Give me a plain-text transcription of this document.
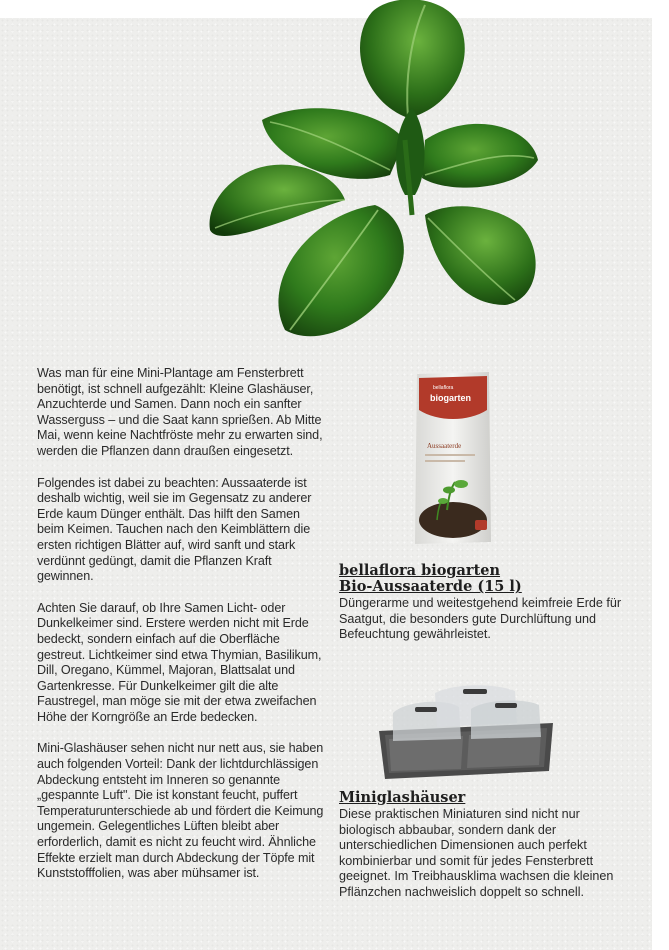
Was man für eine Mini-Plantage am Fensterbrett benötigt, ist schnell aufgezählt: Kleine Glashäuser, Anzuchterde und Samen. Dann noch ein sanfter Wasserguss – und die Saat kann sprießen. Ab Mitte Mai, wenn keine Nachtfröste mehr zu erwarten sind, werden die Pflanzen dann draußen eingesetzt.

Folgendes ist dabei zu beachten: Aussaaterde ist deshalb wichtig, weil sie im Gegensatz zu anderer Erde kaum Dünger enthält. Das hilft den Samen beim Keimen. Tauchen nach den Keimblättern die ersten richtigen Blätter auf, wird sanft und stark verdünnt gedüngt, damit die Pflanzen Kraft gewinnen.

Achten Sie darauf, ob Ihre Samen Licht- oder Dunkelkeimer sind. Erstere werden nicht mit Erde bedeckt, sondern einfach auf die Oberfläche gestreut. Lichtkeimer sind etwa Thymian, Basilikum, Dill, Oregano, Kümmel, Majoran, Blattsalat und Gartenkresse. Für Dunkelkeimer gilt die alte Faustregel, man möge sie mit der etwa zweifachen Höhe der Korngröße an Erde bedecken.

Mini-Glashäuser sehen nicht nur nett aus, sie haben auch folgenden Vorteil: Dank der lichtdurchlässigen Abdeckung entsteht im Inneren so genannte „gespannte Luft". Die ist konstant feucht, puffert Temperaturunterschiede ab und fördert die Keimung ungemein. Gelegentliches Lüften bleibt aber erforderlich, damit es nicht zu feucht wird. Ähnliche Effekte erzielt man durch Abdeckung der Töpfe mit Kunststofffolien, was aber mühsamer ist.

bellaflora
biogarten
Aussaaterde
bellaflora biogarten
Bio-Aussaaterde (15 l)
Düngerarme und weitestgehend keimfreie Erde für Saatgut, die besonders gute Durchlüftung und Befeuchtung gewährleistet.
Miniglashäuser
Diese praktischen Miniaturen sind nicht nur biologisch abbaubar, sondern dank der unterschiedlichen Dimensionen auch perfekt kombinierbar und somit für jedes Fensterbrett geeignet. Im Treibhausklima wachsen die kleinen Pflänzchen nachweislich doppelt so schnell.
